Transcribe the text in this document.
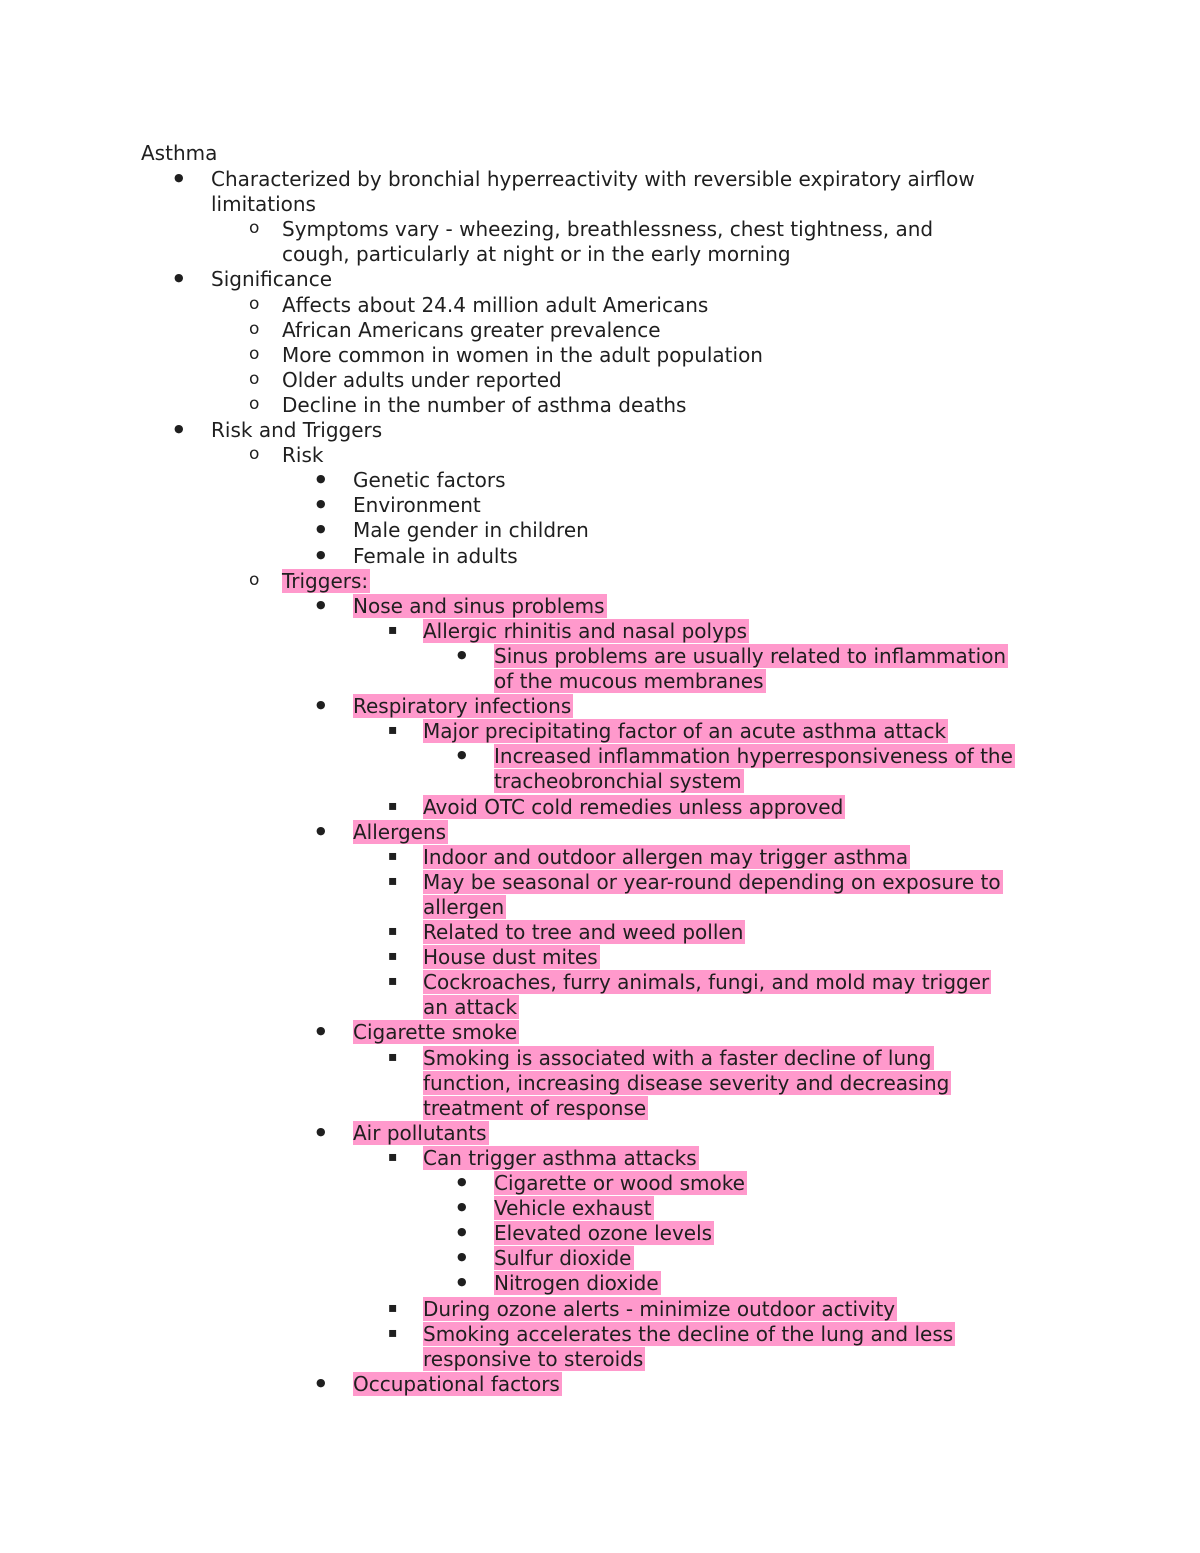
Asthma
●
Characterized by bronchial hyperreactivity with reversible expiratory airflow
limitations
o
Symptoms vary - wheezing, breathlessness, chest tightness, and
cough, particularly at night or in the early morning
●
Significance
o
Affects about 24.4 million adult Americans
o
African Americans greater prevalence
o
More common in women in the adult population
o
Older adults under reported
o
Decline in the number of asthma deaths
●
Risk and Triggers
o
Risk
●
Genetic factors
●
Environment
●
Male gender in children
●
Female in adults
o
Triggers:
●
Nose and sinus problems
▪
Allergic rhinitis and nasal polyps
●
Sinus problems are usually related to inflammation
of the mucous membranes
●
Respiratory infections
▪
Major precipitating factor of an acute asthma attack
●
Increased inflammation hyperresponsiveness of the
tracheobronchial system
▪
Avoid OTC cold remedies unless approved
●
Allergens
▪
Indoor and outdoor allergen may trigger asthma
▪
May be seasonal or year-round depending on exposure to
allergen
▪
Related to tree and weed pollen
▪
House dust mites
▪
Cockroaches, furry animals, fungi, and mold may trigger
an attack
●
Cigarette smoke
▪
Smoking is associated with a faster decline of lung
function, increasing disease severity and decreasing
treatment of response
●
Air pollutants
▪
Can trigger asthma attacks
●
Cigarette or wood smoke
●
Vehicle exhaust
●
Elevated ozone levels
●
Sulfur dioxide
●
Nitrogen dioxide
▪
During ozone alerts - minimize outdoor activity
▪
Smoking accelerates the decline of the lung and less
responsive to steroids
●
Occupational factors
